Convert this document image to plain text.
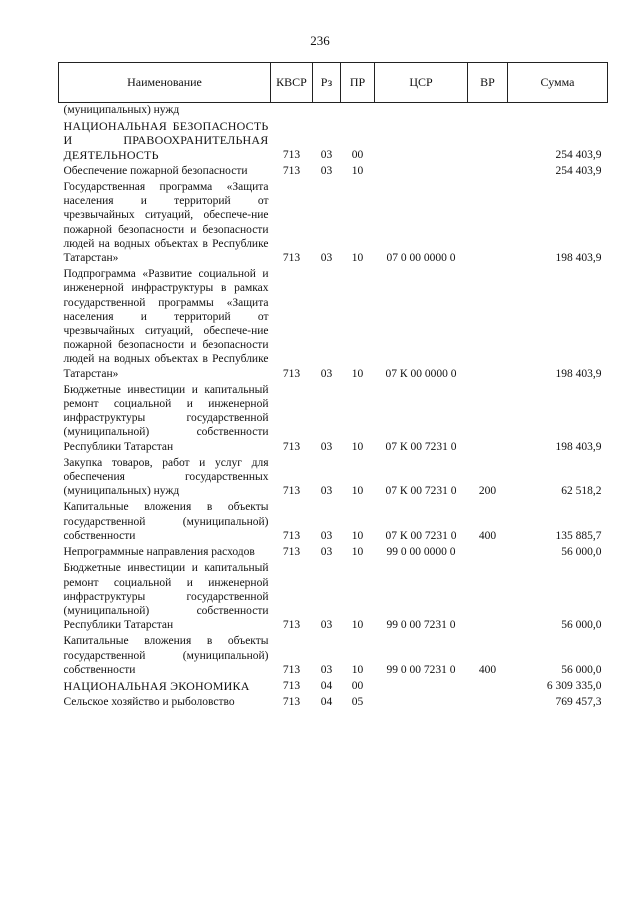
236
Наименование	КВСР	Рз	ПР	ЦСР	ВР	Сумма
(муниципальных) нужд						
НАЦИОНАЛЬНАЯ БЕЗОПАСНОСТЬ И ПРАВООХРАНИТЕЛЬНАЯ ДЕЯТЕЛЬНОСТЬ	713	03	00			254 403,9
Обеспечение пожарной безопасности	713	03	10			254 403,9
Государственная программа «Защита населения и территорий от чрезвычайных ситуаций, обеспече-ние пожарной безопасности и безопасности людей на водных объектах в Республике Татарстан»	713	03	10	07 0 00 0000 0		198 403,9
Подпрограмма «Развитие социальной и инженерной инфраструктуры в рамках государственной программы «Защита населения и территорий от чрезвычайных ситуаций, обеспече-ние пожарной безопасности и безопасности людей на водных объектах в Республике Татарстан»	713	03	10	07 К 00 0000 0		198 403,9
Бюджетные инвестиции и капитальный ремонт социальной и инженерной инфраструктуры государственной (муниципальной) собственности Республики Татарстан	713	03	10	07 К 00 7231 0		198 403,9
Закупка товаров, работ и услуг для обеспечения государственных (муниципальных) нужд	713	03	10	07 К 00 7231 0	200	62 518,2
Капитальные вложения в объекты государственной (муниципальной) собственности	713	03	10	07 К 00 7231 0	400	135 885,7
Непрограммные направления расходов	713	03	10	99 0 00 0000 0		56 000,0
Бюджетные инвестиции и капитальный ремонт социальной и инженерной инфраструктуры государственной (муниципальной) собственности Республики Татарстан	713	03	10	99 0 00 7231 0		56 000,0
Капитальные вложения в объекты государственной (муниципальной) собственности	713	03	10	99 0 00 7231 0	400	56 000,0
НАЦИОНАЛЬНАЯ ЭКОНОМИКА	713	04	00			6 309 335,0
Сельское хозяйство и рыболовство	713	04	05			769 457,3
